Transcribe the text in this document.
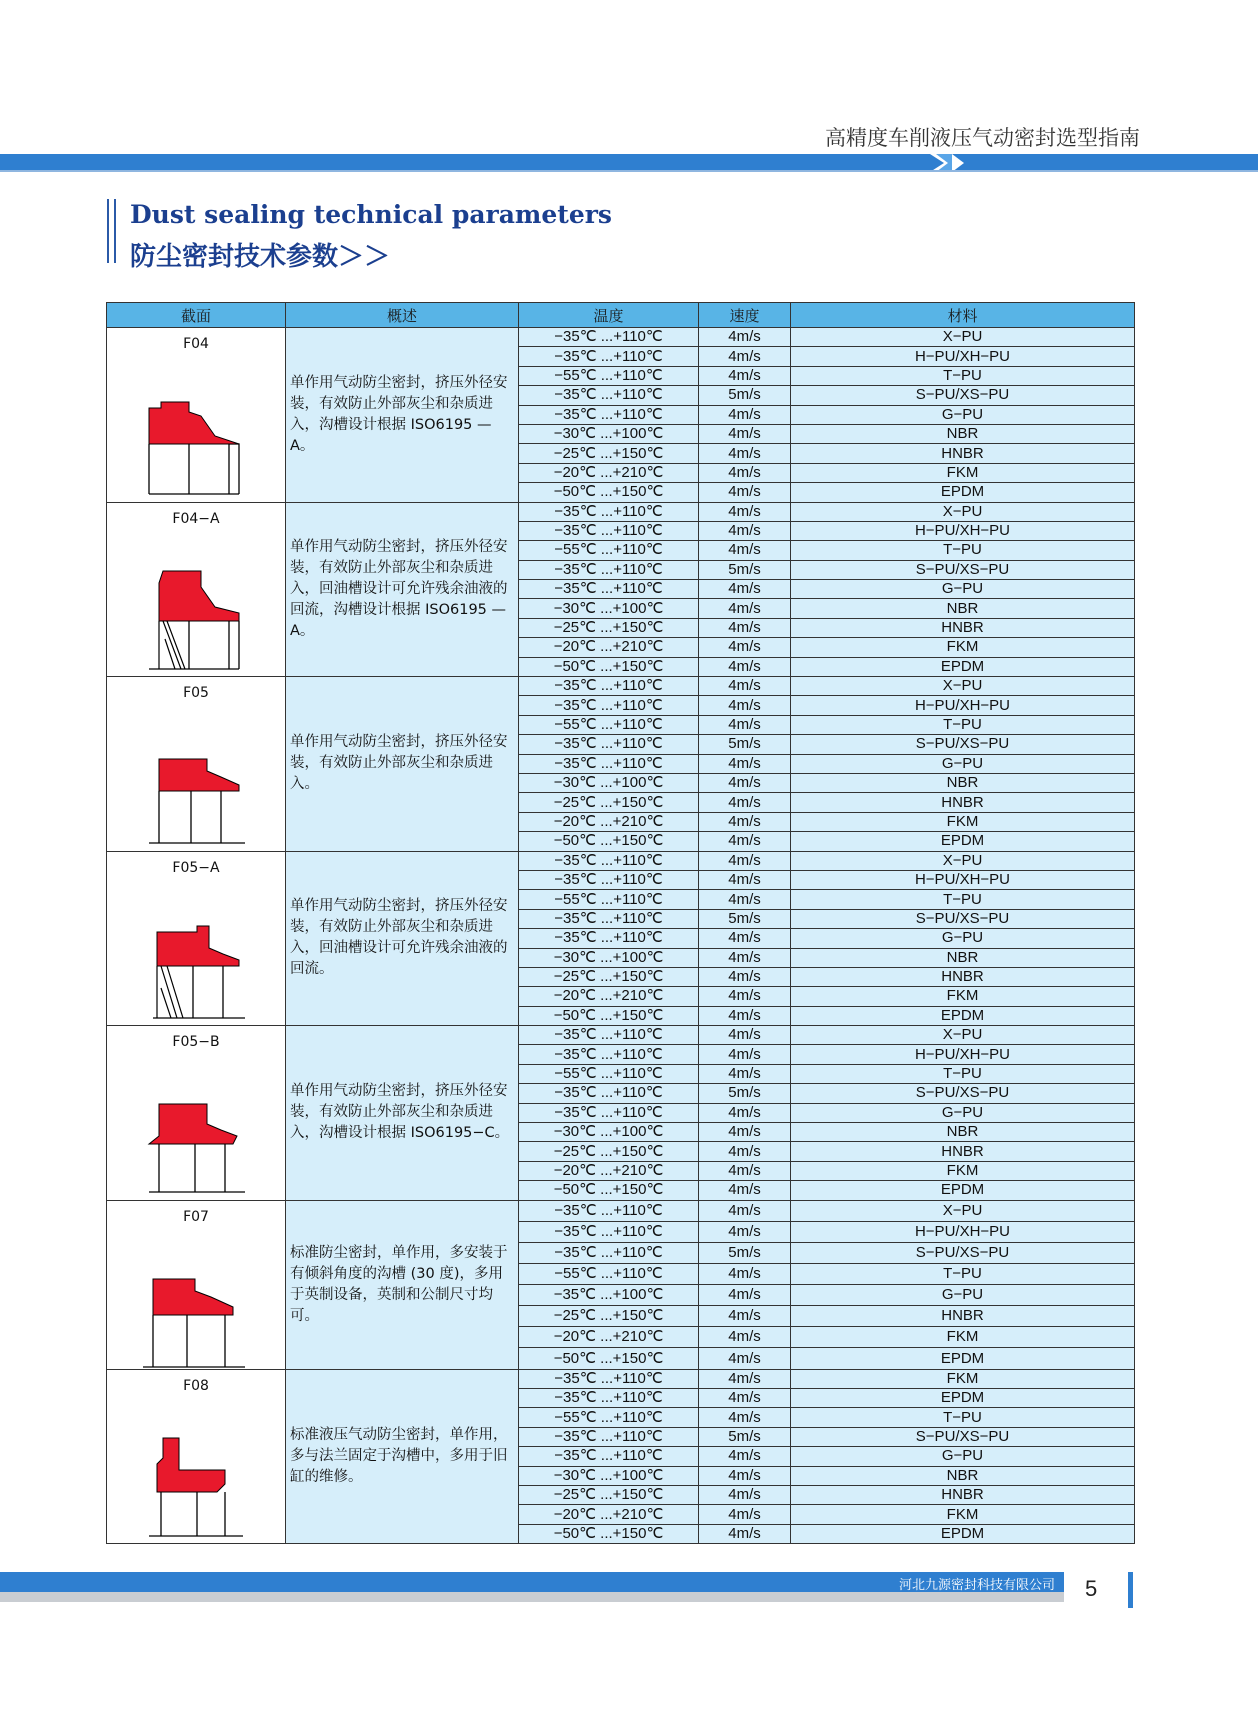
高精度车削液压气动密封选型指南
Dust sealing technical parameters
防尘密封技术参数＞＞
截面	概述	温度	速度	材料

F04	单作用气动防尘密封，挤压外径安装，有效防止外部灰尘和杂质进入，沟槽设计根据 ISO6195 — A。	−35℃ ...+110℃	4m/s	X−PU
		−35℃ ...+110℃	4m/s	H−PU/XH−PU
		−55℃ ...+110℃	4m/s	T−PU
		−35℃ ...+110℃	5m/s	S−PU/XS−PU
		−35℃ ...+110℃	4m/s	G−PU
		−30℃ ...+100℃	4m/s	NBR
		−25℃ ...+150℃	4m/s	HNBR
		−20℃ ...+210℃	4m/s	FKM
		−50℃ ...+150℃	4m/s	EPDM

F04−A	单作用气动防尘密封，挤压外径安装，有效防止外部灰尘和杂质进入，回油槽设计可允许残余油液的回流，沟槽设计根据 ISO6195 — A。	−35℃ ...+110℃	4m/s	X−PU
		−35℃ ...+110℃	4m/s	H−PU/XH−PU
		−55℃ ...+110℃	4m/s	T−PU
		−35℃ ...+110℃	5m/s	S−PU/XS−PU
		−35℃ ...+110℃	4m/s	G−PU
		−30℃ ...+100℃	4m/s	NBR
		−25℃ ...+150℃	4m/s	HNBR
		−20℃ ...+210℃	4m/s	FKM
		−50℃ ...+150℃	4m/s	EPDM

F05	单作用气动防尘密封，挤压外径安装，有效防止外部灰尘和杂质进入。	−35℃ ...+110℃	4m/s	X−PU
		−35℃ ...+110℃	4m/s	H−PU/XH−PU
		−55℃ ...+110℃	4m/s	T−PU
		−35℃ ...+110℃	5m/s	S−PU/XS−PU
		−35℃ ...+110℃	4m/s	G−PU
		−30℃ ...+100℃	4m/s	NBR
		−25℃ ...+150℃	4m/s	HNBR
		−20℃ ...+210℃	4m/s	FKM
		−50℃ ...+150℃	4m/s	EPDM

F05−A	单作用气动防尘密封，挤压外径安装，有效防止外部灰尘和杂质进入，回油槽设计可允许残余油液的回流。	−35℃ ...+110℃	4m/s	X−PU
		−35℃ ...+110℃	4m/s	H−PU/XH−PU
		−55℃ ...+110℃	4m/s	T−PU
		−35℃ ...+110℃	5m/s	S−PU/XS−PU
		−35℃ ...+110℃	4m/s	G−PU
		−30℃ ...+100℃	4m/s	NBR
		−25℃ ...+150℃	4m/s	HNBR
		−20℃ ...+210℃	4m/s	FKM
		−50℃ ...+150℃	4m/s	EPDM

F05−B	单作用气动防尘密封，挤压外径安装，有效防止外部灰尘和杂质进入，沟槽设计根据 ISO6195−C。	−35℃ ...+110℃	4m/s	X−PU
		−35℃ ...+110℃	4m/s	H−PU/XH−PU
		−55℃ ...+110℃	4m/s	T−PU
		−35℃ ...+110℃	5m/s	S−PU/XS−PU
		−35℃ ...+110℃	4m/s	G−PU
		−30℃ ...+100℃	4m/s	NBR
		−25℃ ...+150℃	4m/s	HNBR
		−20℃ ...+210℃	4m/s	FKM
		−50℃ ...+150℃	4m/s	EPDM

F07	标准防尘密封，单作用，多安装于有倾斜角度的沟槽 (30 度)，多用于英制设备，英制和公制尺寸均可。	−35℃ ...+110℃	4m/s	X−PU
		−35℃ ...+110℃	4m/s	H−PU/XH−PU
		−35℃ ...+110℃	5m/s	S−PU/XS−PU
		−55℃ ...+110℃	4m/s	T−PU
		−35℃ ...+100℃	4m/s	G−PU
		−25℃ ...+150℃	4m/s	HNBR
		−20℃ ...+210℃	4m/s	FKM
		−50℃ ...+150℃	4m/s	EPDM

F08	标准液压气动防尘密封，单作用，多与法兰固定于沟槽中，多用于旧缸的维修。	−35℃ ...+110℃	4m/s	FKM
		−35℃ ...+110℃	4m/s	EPDM
		−55℃ ...+110℃	4m/s	T−PU
		−35℃ ...+110℃	5m/s	S−PU/XS−PU
		−35℃ ...+110℃	4m/s	G−PU
		−30℃ ...+100℃	4m/s	NBR
		−25℃ ...+150℃	4m/s	HNBR
		−20℃ ...+210℃	4m/s	FKM
		−50℃ ...+150℃	4m/s	EPDM
河北九源密封科技有限公司 5
